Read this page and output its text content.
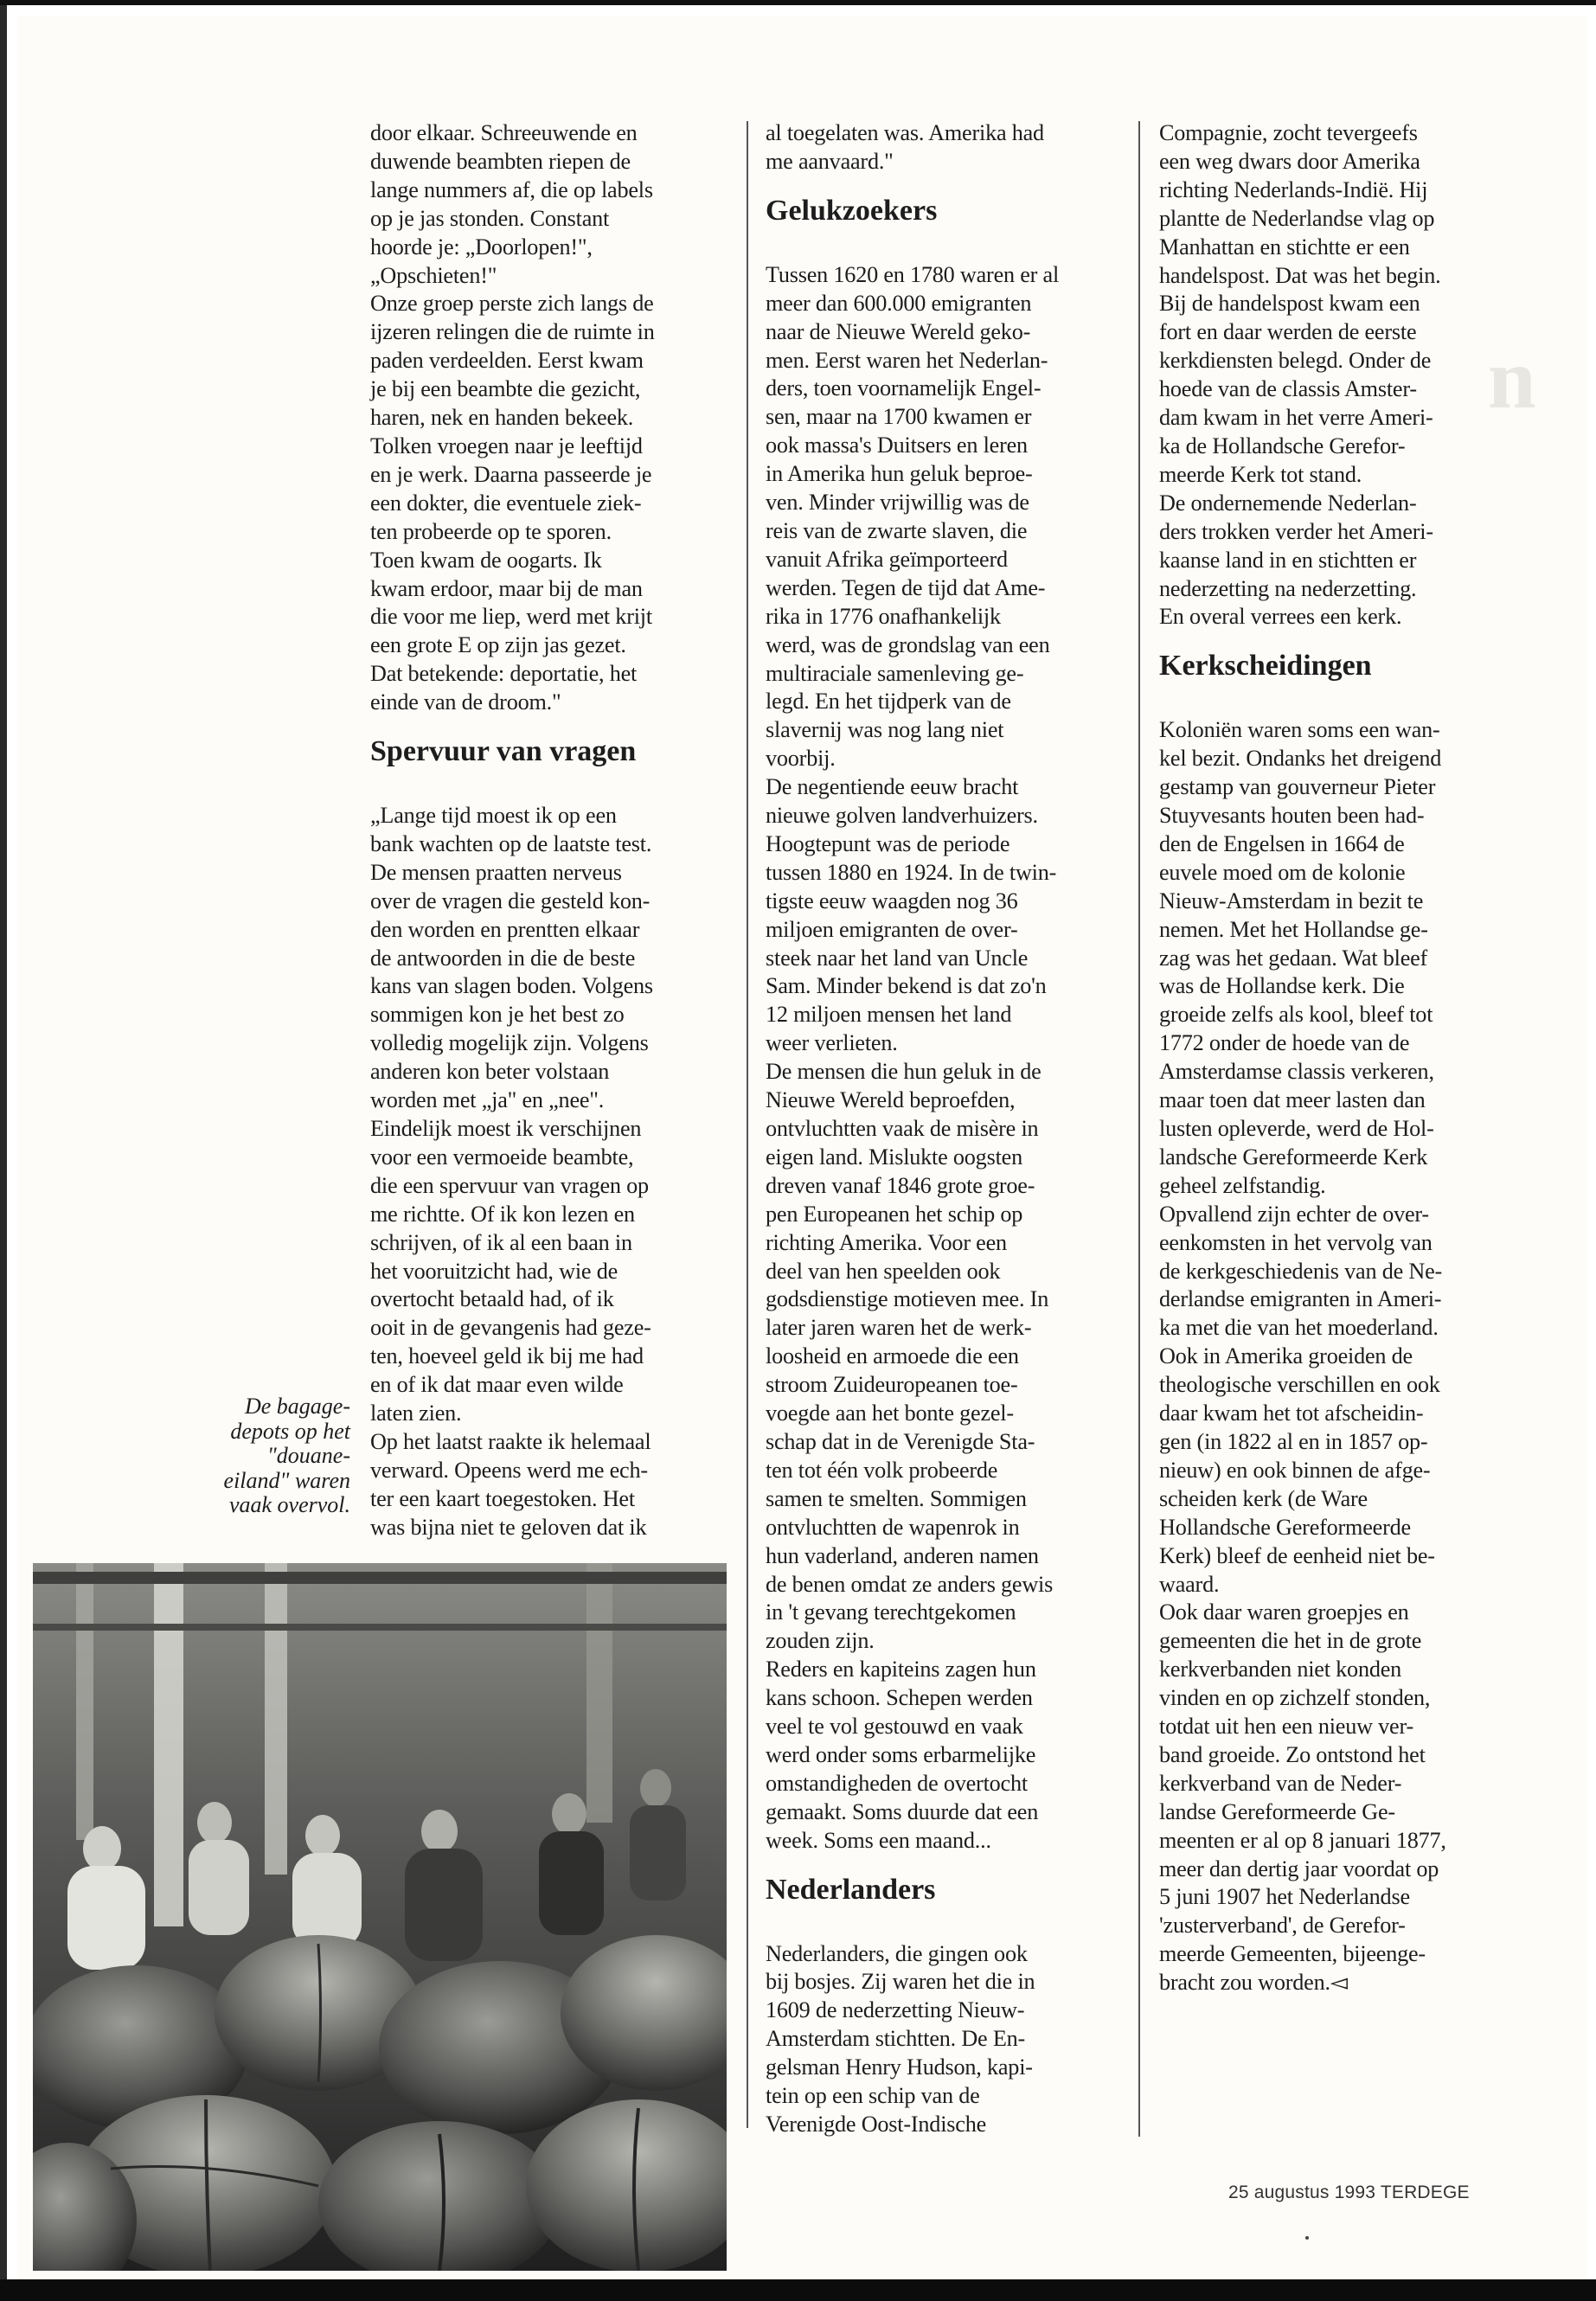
n
De bagage-
depots op het
"douane-
eiland" waren
vaak overvol.

door elkaar. Schreeuwende en
duwende beambten riepen de
lange nummers af, die op labels
op je jas stonden. Constant
hoorde je: „Doorlopen!",
„Opschieten!"

Onze groep perste zich langs de
ijzeren relingen die de ruimte in
paden verdeelden. Eerst kwam
je bij een beambte die gezicht,
haren, nek en handen bekeek.
Tolken vroegen naar je leeftijd
en je werk. Daarna passeerde je
een dokter, die eventuele ziek-
ten probeerde op te sporen.
Toen kwam de oogarts. Ik
kwam erdoor, maar bij de man
die voor me liep, werd met krijt
een grote E op zijn jas gezet.
Dat betekende: deportatie, het
einde van de droom."

Spervuur van vragen

„Lange tijd moest ik op een
bank wachten op de laatste test.
De mensen praatten nerveus
over de vragen die gesteld kon-
den worden en prentten elkaar
de antwoorden in die de beste
kans van slagen boden. Volgens
sommigen kon je het best zo
volledig mogelijk zijn. Volgens
anderen kon beter volstaan
worden met „ja" en „nee".

Eindelijk moest ik verschijnen
voor een vermoeide beambte,
die een spervuur van vragen op
me richtte. Of ik kon lezen en
schrijven, of ik al een baan in
het vooruitzicht had, wie de
overtocht betaald had, of ik
ooit in de gevangenis had geze-
ten, hoeveel geld ik bij me had
en of ik dat maar even wilde
laten zien.

Op het laatst raakte ik helemaal
verward. Opeens werd me ech-
ter een kaart toegestoken. Het
was bijna niet te geloven dat ik

al toegelaten was. Amerika had
me aanvaard."

Gelukzoekers

Tussen 1620 en 1780 waren er al
meer dan 600.000 emigranten
naar de Nieuwe Wereld geko-
men. Eerst waren het Nederlan-
ders, toen voornamelijk Engel-
sen, maar na 1700 kwamen er
ook massa's Duitsers en leren
in Amerika hun geluk beproe-
ven. Minder vrijwillig was de
reis van de zwarte slaven, die
vanuit Afrika geïmporteerd
werden. Tegen de tijd dat Ame-
rika in 1776 onafhankelijk
werd, was de grondslag van een
multiraciale samenleving ge-
legd. En het tijdperk van de
slavernij was nog lang niet
voorbij.

De negentiende eeuw bracht
nieuwe golven landverhuizers.
Hoogtepunt was de periode
tussen 1880 en 1924. In de twin-
tigste eeuw waagden nog 36
miljoen emigranten de over-
steek naar het land van Uncle
Sam. Minder bekend is dat zo'n
12 miljoen mensen het land
weer verlieten.

De mensen die hun geluk in de
Nieuwe Wereld beproefden,
ontvluchtten vaak de misère in
eigen land. Mislukte oogsten
dreven vanaf 1846 grote groe-
pen Europeanen het schip op
richting Amerika. Voor een
deel van hen speelden ook
godsdienstige motieven mee. In
later jaren waren het de werk-
loosheid en armoede die een
stroom Zuideuropeanen toe-
voegde aan het bonte gezel-
schap dat in de Verenigde Sta-
ten tot één volk probeerde
samen te smelten. Sommigen
ontvluchtten de wapenrok in
hun vaderland, anderen namen
de benen omdat ze anders gewis
in 't gevang terechtgekomen
zouden zijn.

Reders en kapiteins zagen hun
kans schoon. Schepen werden
veel te vol gestouwd en vaak
werd onder soms erbarmelijke
omstandigheden de overtocht
gemaakt. Soms duurde dat een
week. Soms een maand...

Nederlanders

Nederlanders, die gingen ook
bij bosjes. Zij waren het die in
1609 de nederzetting Nieuw-
Amsterdam stichtten. De En-
gelsman Henry Hudson, kapi-
tein op een schip van de
Verenigde Oost-Indische

Compagnie, zocht tevergeefs
een weg dwars door Amerika
richting Nederlands-Indië. Hij
plantte de Nederlandse vlag op
Manhattan en stichtte er een
handelspost. Dat was het begin.

Bij de handelspost kwam een
fort en daar werden de eerste
kerkdiensten belegd. Onder de
hoede van de classis Amster-
dam kwam in het verre Ameri-
ka de Hollandsche Gerefor-
meerde Kerk tot stand.

De ondernemende Nederlan-
ders trokken verder het Ameri-
kaanse land in en stichtten er
nederzetting na nederzetting.
En overal verrees een kerk.

Kerkscheidingen

Koloniën waren soms een wan-
kel bezit. Ondanks het dreigend
gestamp van gouverneur Pieter
Stuyvesants houten been had-
den de Engelsen in 1664 de
euvele moed om de kolonie
Nieuw-Amsterdam in bezit te
nemen. Met het Hollandse ge-
zag was het gedaan. Wat bleef
was de Hollandse kerk. Die
groeide zelfs als kool, bleef tot
1772 onder de hoede van de
Amsterdamse classis verkeren,
maar toen dat meer lasten dan
lusten opleverde, werd de Hol-
landsche Gereformeerde Kerk
geheel zelfstandig.

Opvallend zijn echter de over-
eenkomsten in het vervolg van
de kerkgeschiedenis van de Ne-
derlandse emigranten in Ameri-
ka met die van het moederland.
Ook in Amerika groeiden de
theologische verschillen en ook
daar kwam het tot afscheidin-
gen (in 1822 al en in 1857 op-
nieuw) en ook binnen de afge-
scheiden kerk (de Ware
Hollandsche Gereformeerde
Kerk) bleef de eenheid niet be-
waard.

Ook daar waren groepjes en
gemeenten die het in de grote
kerkverbanden niet konden
vinden en op zichzelf stonden,
totdat uit hen een nieuw ver-
band groeide. Zo ontstond het
kerkverband van de Neder-
landse Gereformeerde Ge-
meenten er al op 8 januari 1877,
meer dan dertig jaar voordat op
5 juni 1907 het Nederlandse
'zusterverband', de Gerefor-
meerde Gemeenten, bijeenge-
bracht zou worden.◅

25 augustus 1993 TERDEGE
